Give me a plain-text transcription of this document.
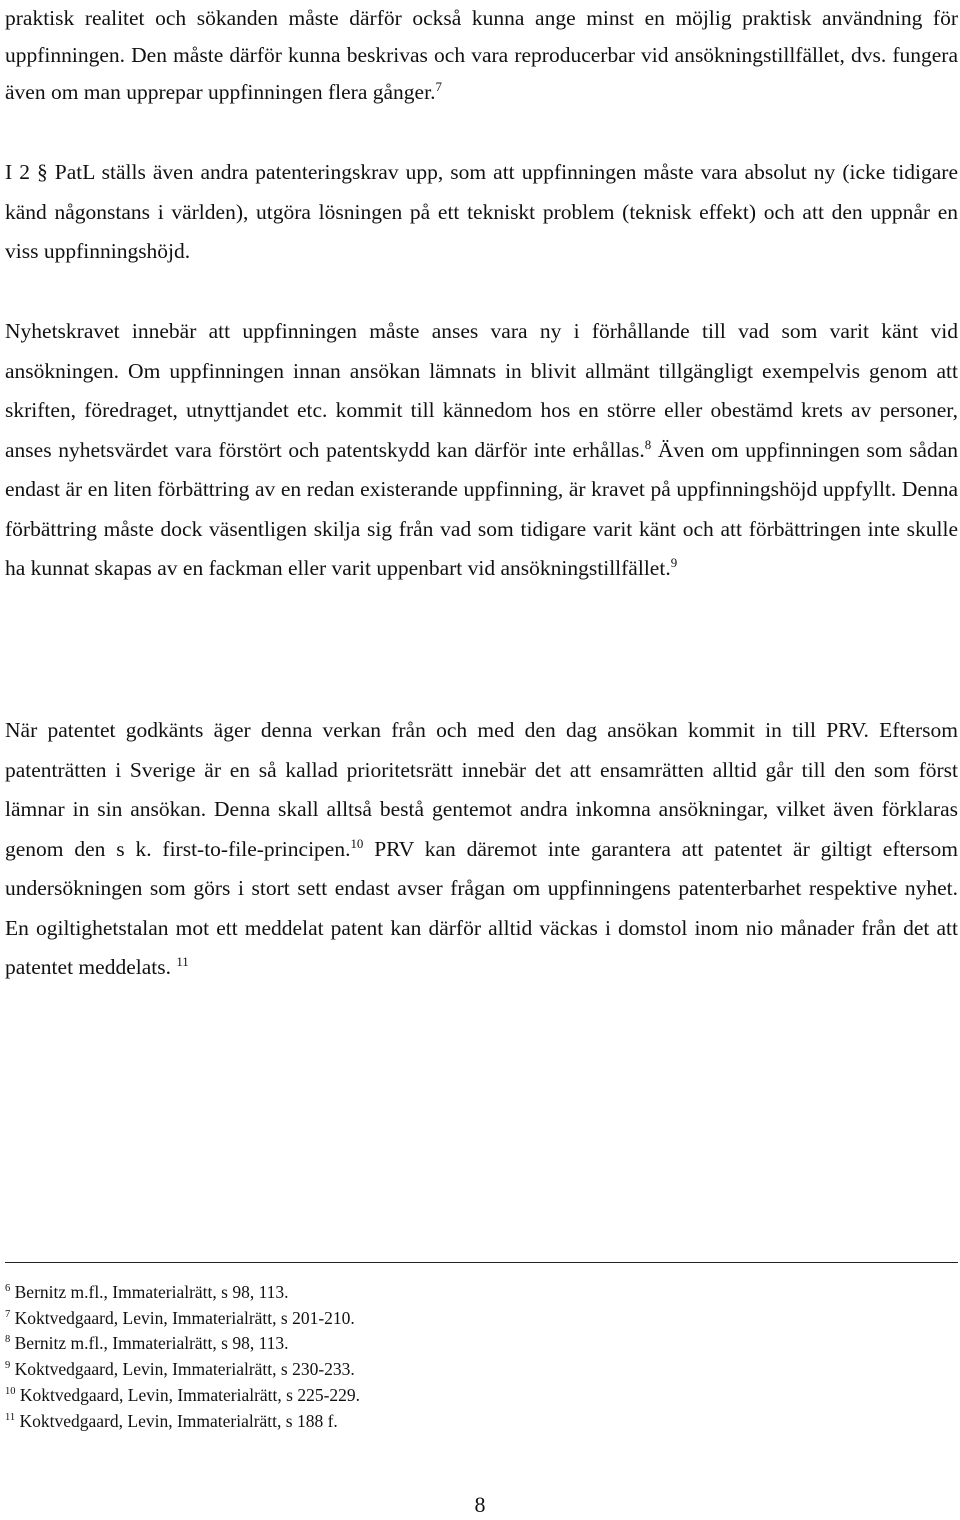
praktisk realitet och sökanden måste därför också kunna ange minst en möjlig praktisk användning för uppfinningen. Den måste därför kunna beskrivas och vara reproducerbar vid ansökningstillfället, dvs. fungera även om man upprepar uppfinningen flera gånger.$^7$

I 2 § PatL ställs även andra patenteringskrav upp, som att uppfinningen måste vara absolut ny (icke tidigare känd någonstans i världen), utgöra lösningen på ett tekniskt problem (teknisk effekt) och att den uppnår en viss uppfinningshöjd.

Nyhetskravet innebär att uppfinningen måste anses vara ny i förhållande till vad som varit känt vid ansökningen. Om uppfinningen innan ansökan lämnats in blivit allmänt tillgängligt exempelvis genom att skriften, föredraget, utnyttjandet etc. kommit till kännedom hos en större eller obestämd krets av personer, anses nyhetsvärdet vara förstört och patentskydd kan därför inte erhållas.$^8$ Även om uppfinningen som sådan endast är en liten förbättring av en redan existerande uppfinning, är kravet på uppfinningshöjd uppfyllt. Denna förbättring måste dock väsentligen skilja sig från vad som tidigare varit känt och att förbättringen inte skulle ha kunnat skapas av en fackman eller varit uppenbart vid ansökningstillfället.$^9$

När patentet godkänts äger denna verkan från och med den dag ansökan kommit in till PRV. Eftersom patenträtten i Sverige är en så kallad prioritetsrätt innebär det att ensamrätten alltid går till den som först lämnar in sin ansökan. Denna skall alltså bestå gentemot andra inkomna ansökningar, vilket även förklaras genom den s k. first-to-file-principen.$^{10}$ PRV kan däremot inte garantera att patentet är giltigt eftersom undersökningen som görs i stort sett endast avser frågan om uppfinningens patenterbarhet respektive nyhet. En ogiltighetstalan mot ett meddelat patent kan därför alltid väckas i domstol inom nio månader från det att patentet meddelats. $^{11}$

$^6$ Bernitz m.fl., Immaterialrätt, s 98, 113.

$^7$ Koktvedgaard, Levin, Immaterialrätt, s 201-210.

$^8$ Bernitz m.fl., Immaterialrätt, s 98, 113.

$^9$ Koktvedgaard, Levin, Immaterialrätt, s 230-233.

$^{10}$ Koktvedgaard, Levin, Immaterialrätt, s 225-229.

$^{11}$ Koktvedgaard, Levin, Immaterialrätt, s 188 f.

8
